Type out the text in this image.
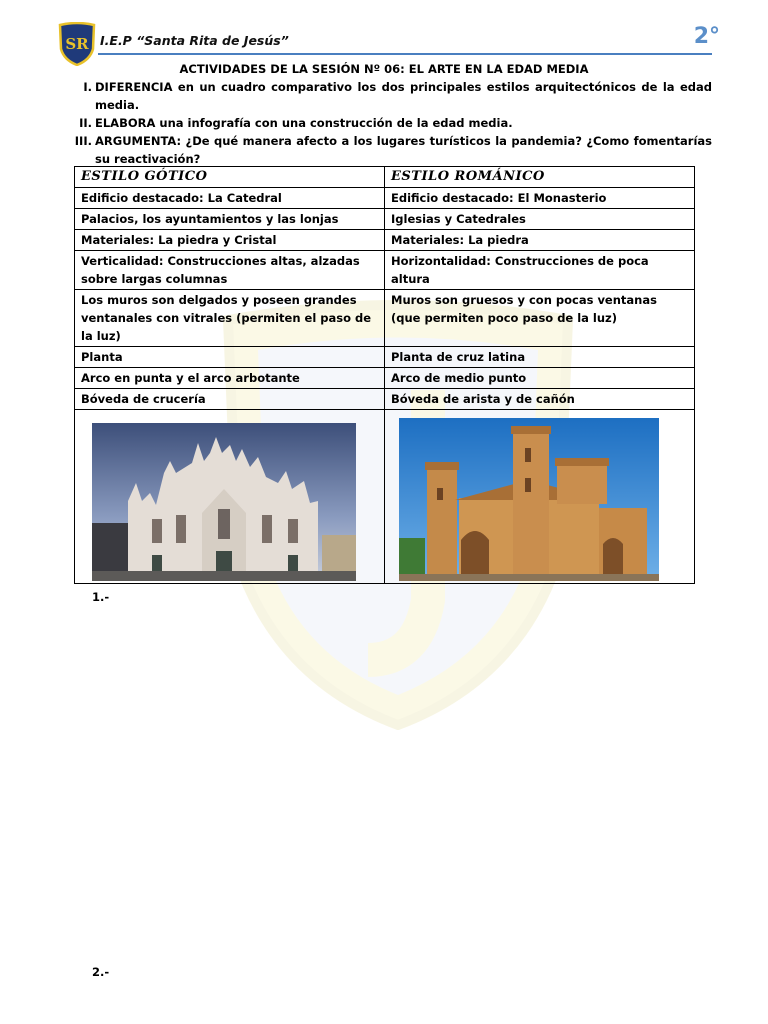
SR I.E.P “Santa Rita de Jesús”	2°
ACTIVIDADES DE LA SESIÓN Nº 06: EL ARTE EN LA EDAD MEDIA
I. DIFERENCIA en un cuadro comparativo los dos principales estilos arquitectónicos de la edad media.
II. ELABORA una infografía con una construcción de la edad media.
III. ARGUMENTA: ¿De qué manera afecto a los lugares turísticos la pandemia? ¿Como fomentarías su reactivación?
ESTILO GÓTICO	ESTILO ROMÁNICO
Edificio destacado: La Catedral	Edificio destacado: El Monasterio
Palacios, los ayuntamientos y las lonjas	Iglesias y Catedrales
Materiales: La piedra y Cristal	Materiales: La piedra
Verticalidad: Construcciones altas, alzadas sobre largas columnas	Horizontalidad: Construcciones de poca altura
Los muros son delgados y poseen grandes ventanales con vitrales (permiten el paso de la luz)	Muros son gruesos y con pocas ventanas (que permiten poco paso de la luz)
Planta	Planta de cruz latina
Arco en punta y el arco arbotante	Arco de medio punto
Bóveda de crucería	Bóveda de arista y de cañón

1.-
2.-
